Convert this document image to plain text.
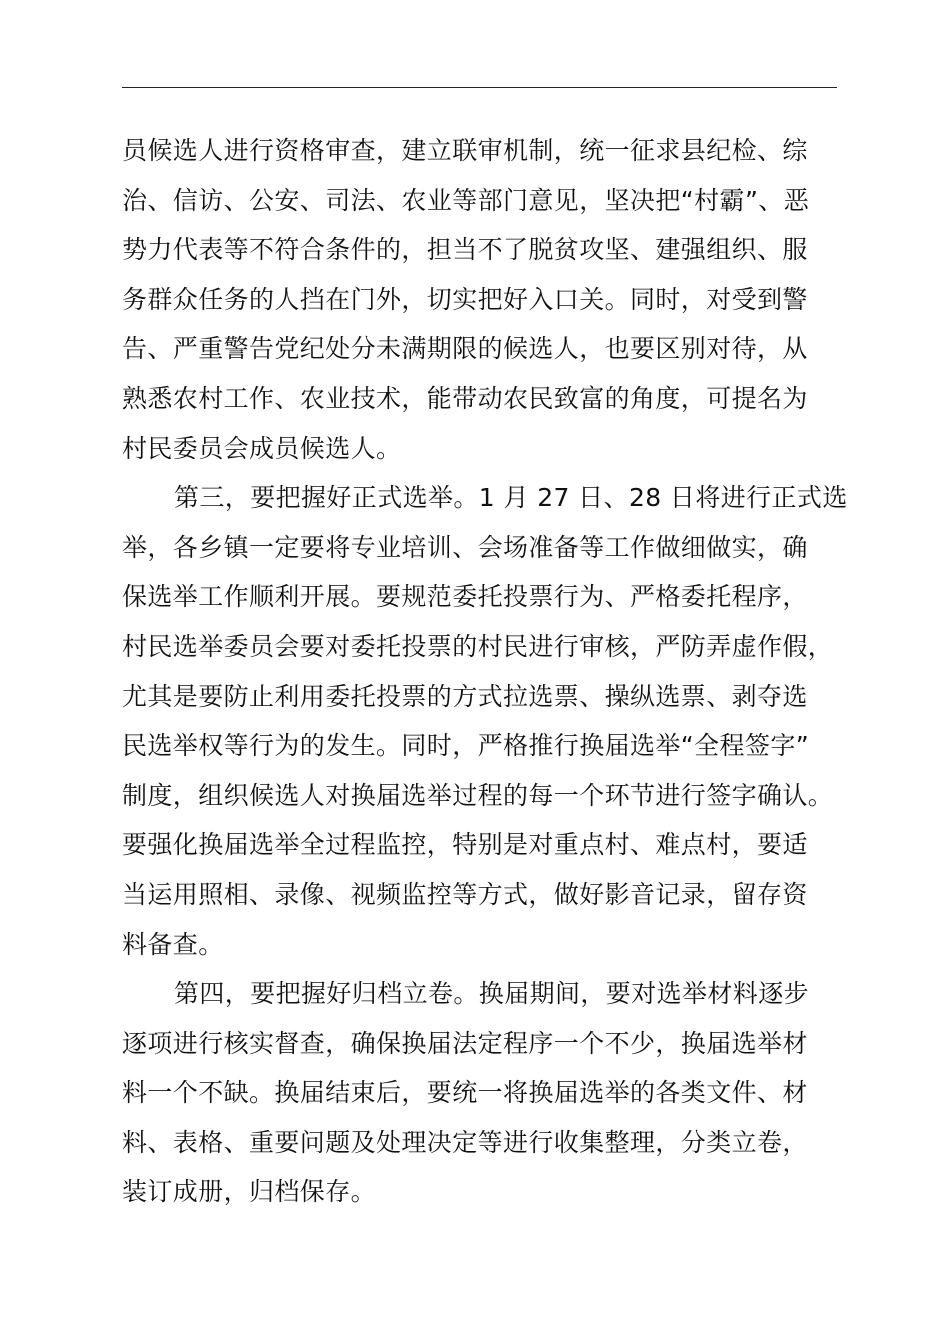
员候选人进行资格审查，建立联审机制，统一征求县纪检、综
治、信访、公安、司法、农业等部门意见，坚决把“村霸”、恶
势力代表等不符合条件的，担当不了脱贫攻坚、建强组织、服
务群众任务的人挡在门外，切实把好入口关。同时，对受到警
告、严重警告党纪处分未满期限的候选人，也要区别对待，从
熟悉农村工作、农业技术，能带动农民致富的角度，可提名为
村民委员会成员候选人。
第三，要把握好正式选举。1 月 27 日、28 日将进行正式选
举，各乡镇一定要将专业培训、会场准备等工作做细做实，确
保选举工作顺利开展。要规范委托投票行为、严格委托程序，
村民选举委员会要对委托投票的村民进行审核，严防弄虚作假，
尤其是要防止利用委托投票的方式拉选票、操纵选票、剥夺选
民选举权等行为的发生。同时，严格推行换届选举“全程签字”
制度，组织候选人对换届选举过程的每一个环节进行签字确认。
要强化换届选举全过程监控，特别是对重点村、难点村，要适
当运用照相、录像、视频监控等方式，做好影音记录，留存资
料备查。
第四，要把握好归档立卷。换届期间，要对选举材料逐步
逐项进行核实督查，确保换届法定程序一个不少，换届选举材
料一个不缺。换届结束后，要统一将换届选举的各类文件、材
料、表格、重要问题及处理决定等进行收集整理，分类立卷，
装订成册，归档保存。
